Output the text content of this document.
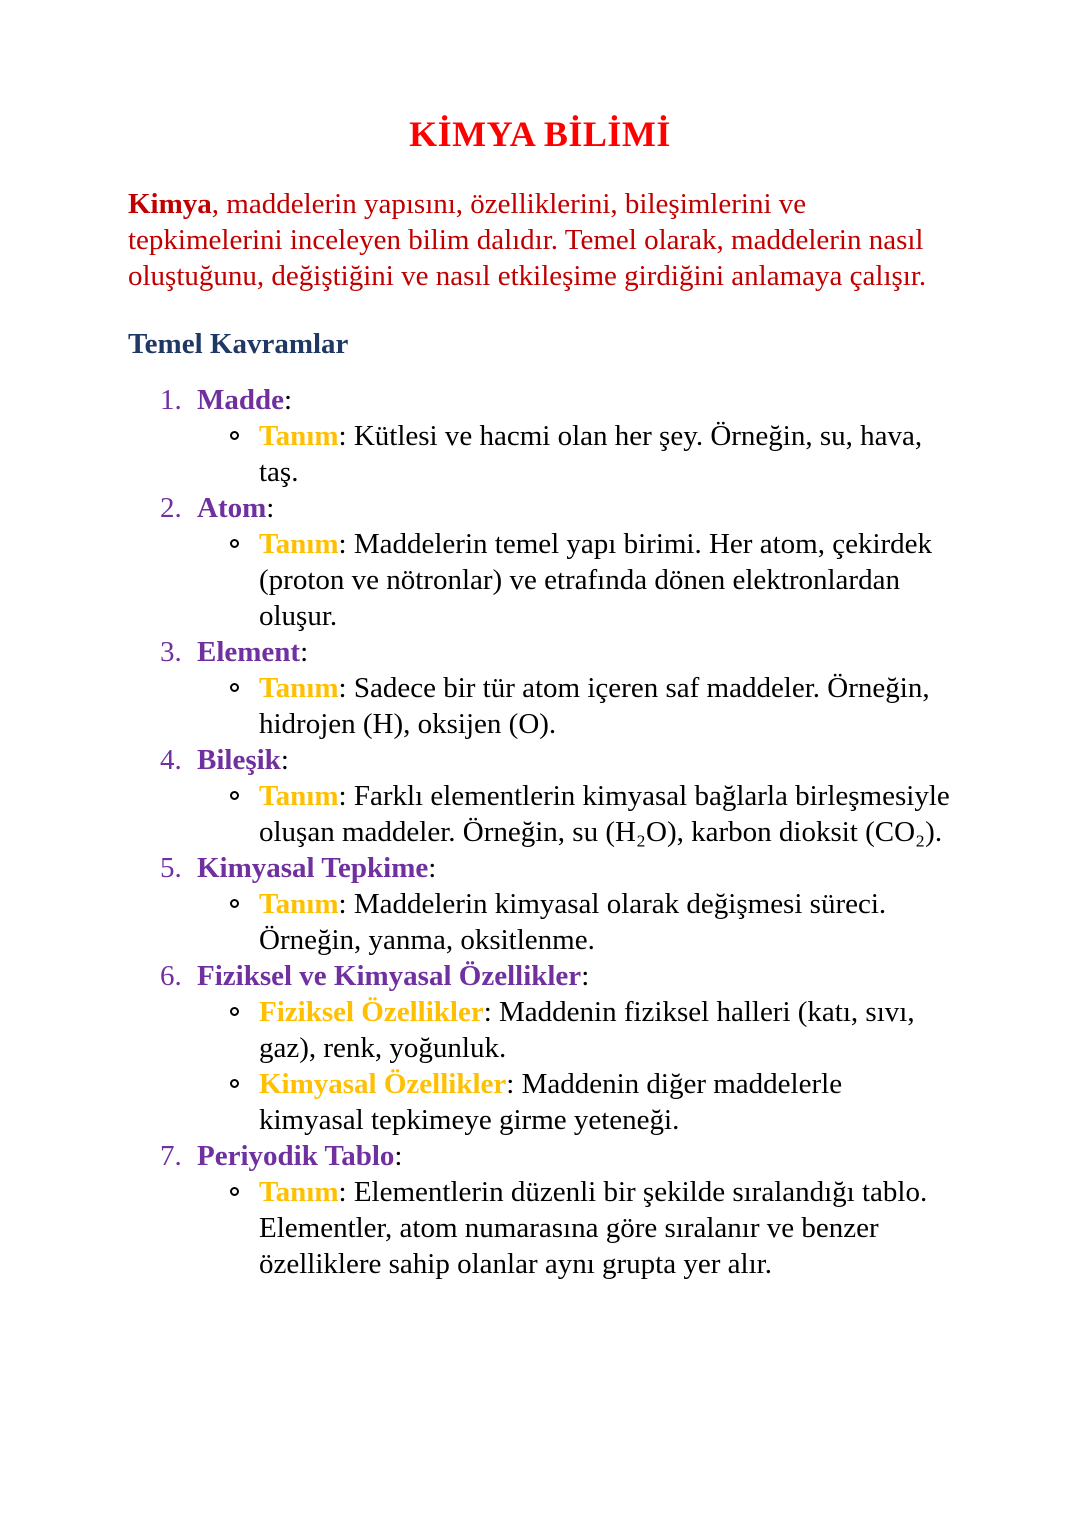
KİMYA BİLİMİ

Kimya, maddelerin yapısını, özelliklerini, bileşimlerini ve tepkimelerini inceleyen bilim dalıdır. Temel olarak, maddelerin nasıl oluştuğunu, değiştiğini ve nasıl etkileşime girdiğini anlamaya çalışır.

Temel Kavramlar
1. Madde:
Tanım: Kütlesi ve hacmi olan her şey. Örneğin, su, hava, taş.
2. Atom:
Tanım: Maddelerin temel yapı birimi. Her atom, çekirdek (proton ve nötronlar) ve etrafında dönen elektronlardan oluşur.
3. Element:
Tanım: Sadece bir tür atom içeren saf maddeler. Örneğin, hidrojen (H), oksijen (O).
4. Bileşik:
Tanım: Farklı elementlerin kimyasal bağlarla birleşmesiyle oluşan maddeler. Örneğin, su (H₂O), karbon dioksit (CO₂).
5. Kimyasal Tepkime:
Tanım: Maddelerin kimyasal olarak değişmesi süreci. Örneğin, yanma, oksitlenme.
6. Fiziksel ve Kimyasal Özellikler:
Fiziksel Özellikler: Maddenin fiziksel halleri (katı, sıvı, gaz), renk, yoğunluk.
Kimyasal Özellikler: Maddenin diğer maddelerle kimyasal tepkimeye girme yeteneği.
7. Periyodik Tablo:
Tanım: Elementlerin düzenli bir şekilde sıralandığı tablo. Elementler, atom numarasına göre sıralanır ve benzer özelliklere sahip olanlar aynı grupta yer alır.
